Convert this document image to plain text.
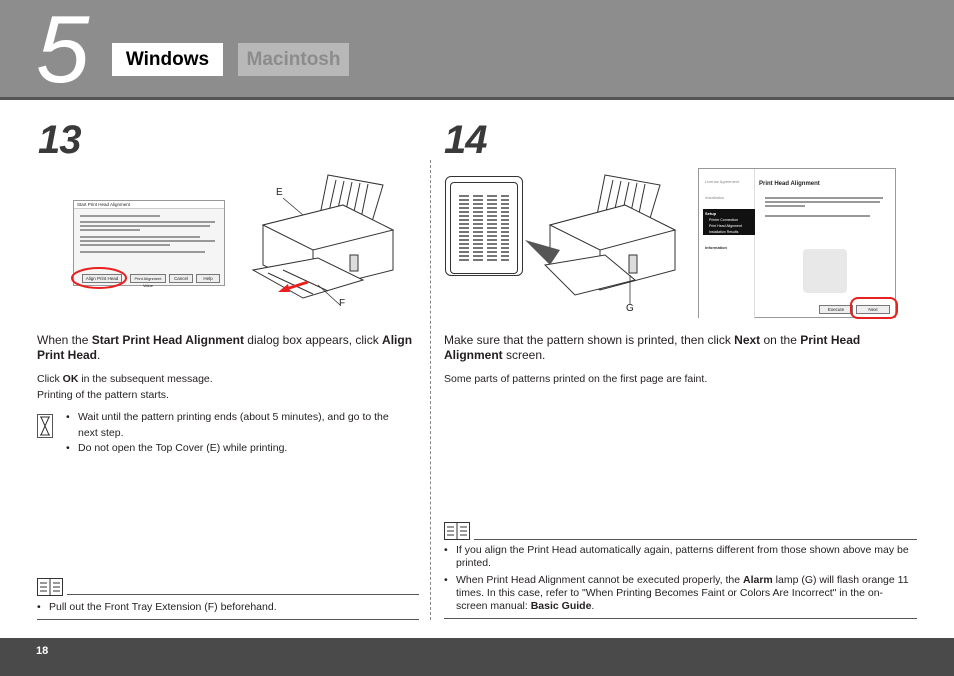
5	Windows	Macintosh
13	14
Start Print Head Alignment
Align Print Head	Print Alignment Value
Cancel	Help
E
F	G
License Agreement
Installation
Setup
Printer Connection
Print Head Alignment
Installation Results
Information
Print Head Alignment
Execute	Next
When the Start Print Head Alignment dialog box appears, click Align Print Head.
Click OK in the subsequent message.
Printing of the pattern starts.
• Wait until the pattern printing ends (about 5 minutes), and go to the next step.
• Do not open the Top Cover (E) while printing.
• Pull out the Front Tray Extension (F) beforehand.
Make sure that the pattern shown is printed, then click Next on the Print Head Alignment screen.
Some parts of patterns printed on the first page are faint.
• If you align the Print Head automatically again, patterns different from those shown above may be printed.
• When Print Head Alignment cannot be executed properly, the Alarm lamp (G) will flash orange 11 times. In this case, refer to "When Printing Becomes Faint or Colors Are Incorrect" in the on-screen manual: Basic Guide.
18
